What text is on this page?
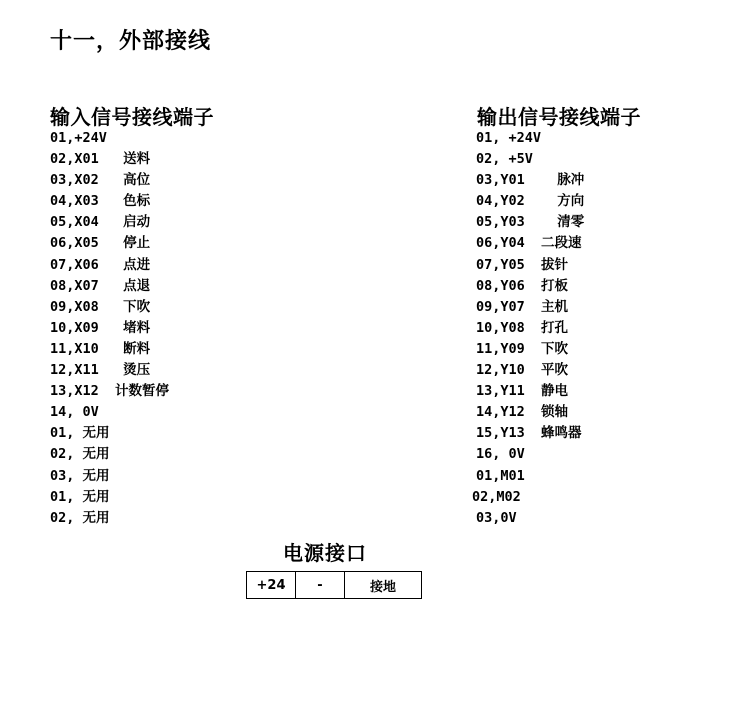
十一，外部接线
输入信号接线端子
01,+24V
02,X01   送料
03,X02   高位
04,X03   色标
05,X04   启动
06,X05   停止
07,X06   点进
08,X07   点退
09,X08   下吹
10,X09   堵料
11,X10   断料
12,X11   烫压
13,X12  计数暂停
14, 0V
01, 无用
02, 无用
03, 无用
01, 无用
02, 无用
输出信号接线端子
01, +24V
02, +5V
03,Y01    脉冲
04,Y02    方向
05,Y03    清零
06,Y04  二段速
07,Y05  拔针
08,Y06  打板
09,Y07  主机
10,Y08  打孔
11,Y09  下吹
12,Y10  平吹
13,Y11  静电
14,Y12  锁轴
15,Y13  蜂鸣器
16, 0V
01,M01
02,M02
03,0V
电源接口
+24	-	接地
